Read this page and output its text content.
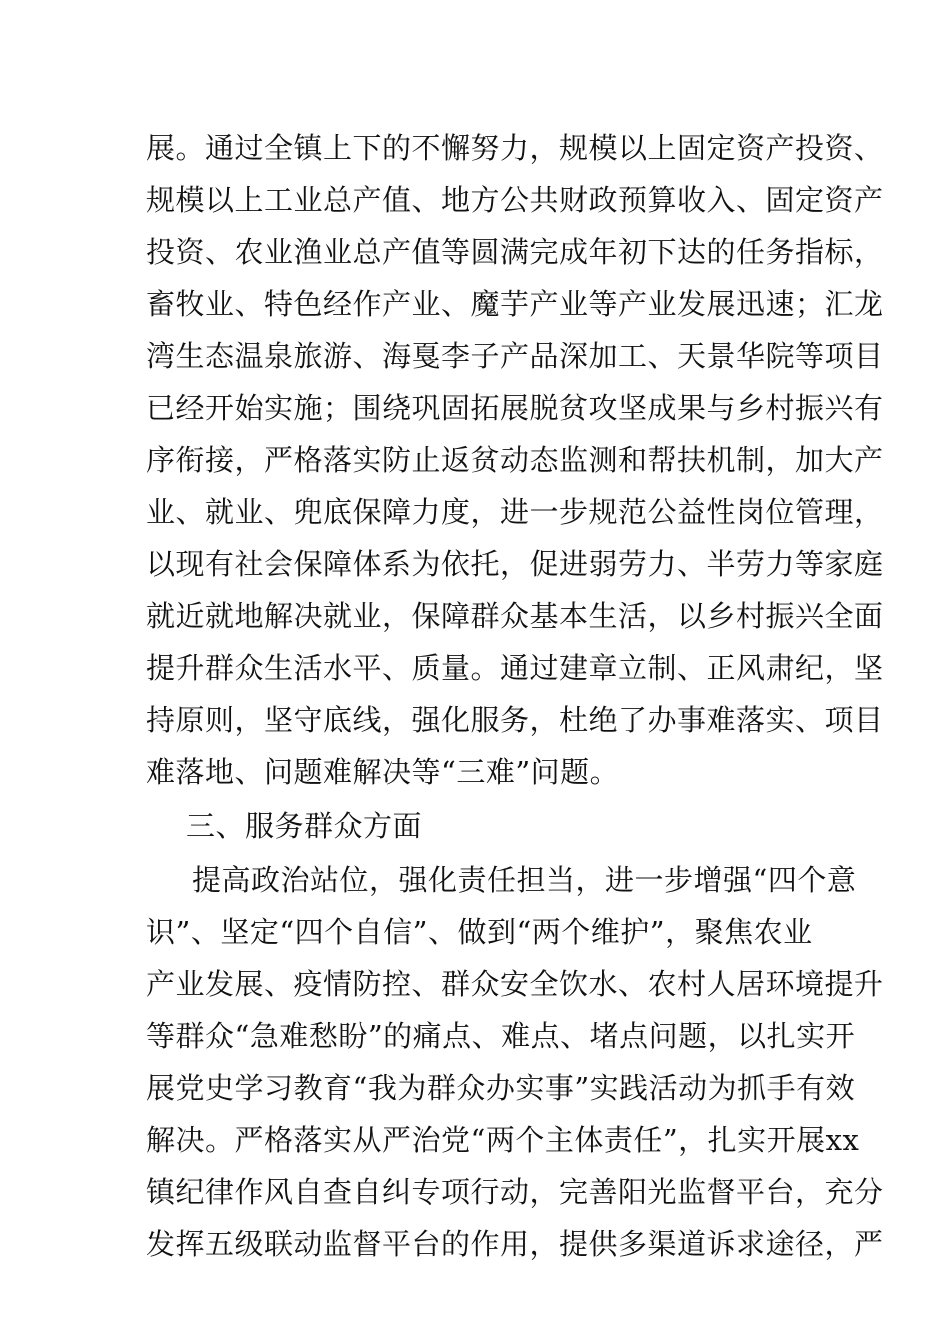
展。通过全镇上下的不懈努力，规模以上固定资产投资、
规模以上工业总产值、地方公共财政预算收入、固定资产
投资、农业渔业总产值等圆满完成年初下达的任务指标，
畜牧业、特色经作产业、魔芋产业等产业发展迅速；汇龙
湾生态温泉旅游、海戛李子产品深加工、天景华院等项目
已经开始实施；围绕巩固拓展脱贫攻坚成果与乡村振兴有
序衔接，严格落实防止返贫动态监测和帮扶机制，加大产
业、就业、兜底保障力度，进一步规范公益性岗位管理，
以现有社会保障体系为依托，促进弱劳力、半劳力等家庭
就近就地解决就业，保障群众基本生活，以乡村振兴全面
提升群众生活水平、质量。通过建章立制、正风肃纪，坚
持原则，坚守底线，强化服务，杜绝了办事难落实、项目
难落地、问题难解决等“三难”问题。
三、服务群众方面
提高政治站位，强化责任担当，进一步增强“四个意
识”、坚定“四个自信”、做到“两个维护”，聚焦农业
产业发展、疫情防控、群众安全饮水、农村人居环境提升
等群众“急难愁盼”的痛点、难点、堵点问题，以扎实开
展党史学习教育“我为群众办实事”实践活动为抓手有效
解决。严格落实从严治党“两个主体责任”，扎实开展xx
镇纪律作风自查自纠专项行动，完善阳光监督平台，充分
发挥五级联动监督平台的作用，提供多渠道诉求途径，严
